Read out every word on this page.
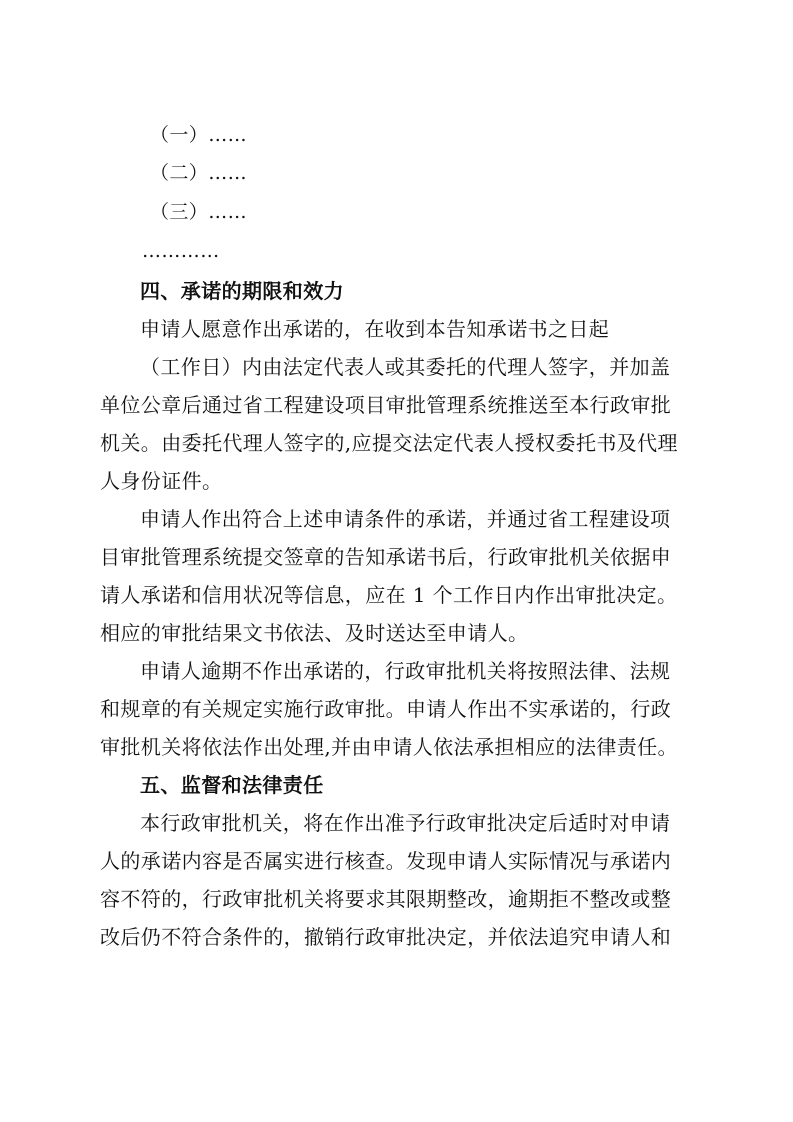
（一）……
（二）……
（三）……
…………
四、承诺的期限和效力
申请人愿意作出承诺的，在收到本告知承诺书之日起
（工作日）内由法定代表人或其委托的代理人签字，并加盖
单位公章后通过省工程建设项目审批管理系统推送至本行政审批
机关。由委托代理人签字的,应提交法定代表人授权委托书及代理
人身份证件。
申请人作出符合上述申请条件的承诺，并通过省工程建设项
目审批管理系统提交签章的告知承诺书后，行政审批机关依据申
请人承诺和信用状况等信息，应在 1 个工作日内作出审批决定。
相应的审批结果文书依法、及时送达至申请人。
申请人逾期不作出承诺的，行政审批机关将按照法律、法规
和规章的有关规定实施行政审批。申请人作出不实承诺的，行政
审批机关将依法作出处理,并由申请人依法承担相应的法律责任。
五、监督和法律责任
本行政审批机关，将在作出准予行政审批决定后适时对申请
人的承诺内容是否属实进行核查。发现申请人实际情况与承诺内
容不符的，行政审批机关将要求其限期整改，逾期拒不整改或整
改后仍不符合条件的，撤销行政审批决定，并依法追究申请人和
